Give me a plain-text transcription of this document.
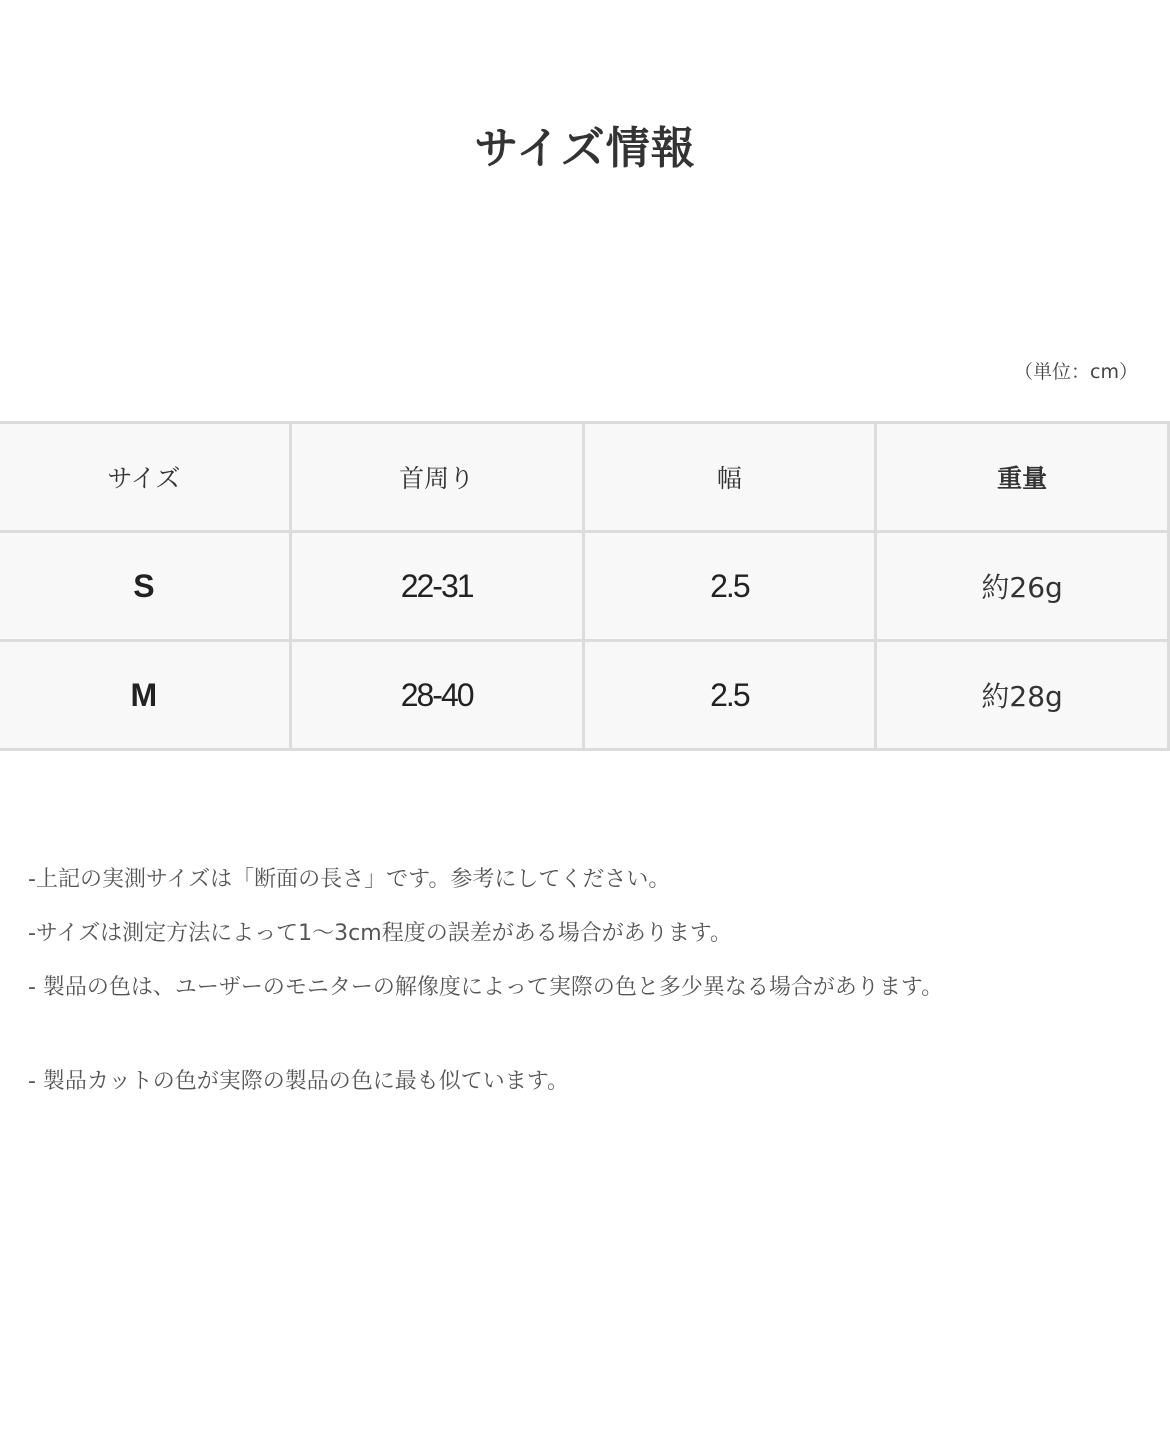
サイズ情報
（単位：cm）
サイズ	首周り	幅	重量
S	22-31	2.5	約26g
M	28-40	2.5	約28g
-上記の実測サイズは「断面の長さ」です。参考にしてください。
-サイズは測定方法によって1～3cm程度の誤差がある場合があります。
- 製品の色は、ユーザーのモニターの解像度によって実際の色と多少異なる場合があります。
- 製品カットの色が実際の製品の色に最も似ています。
